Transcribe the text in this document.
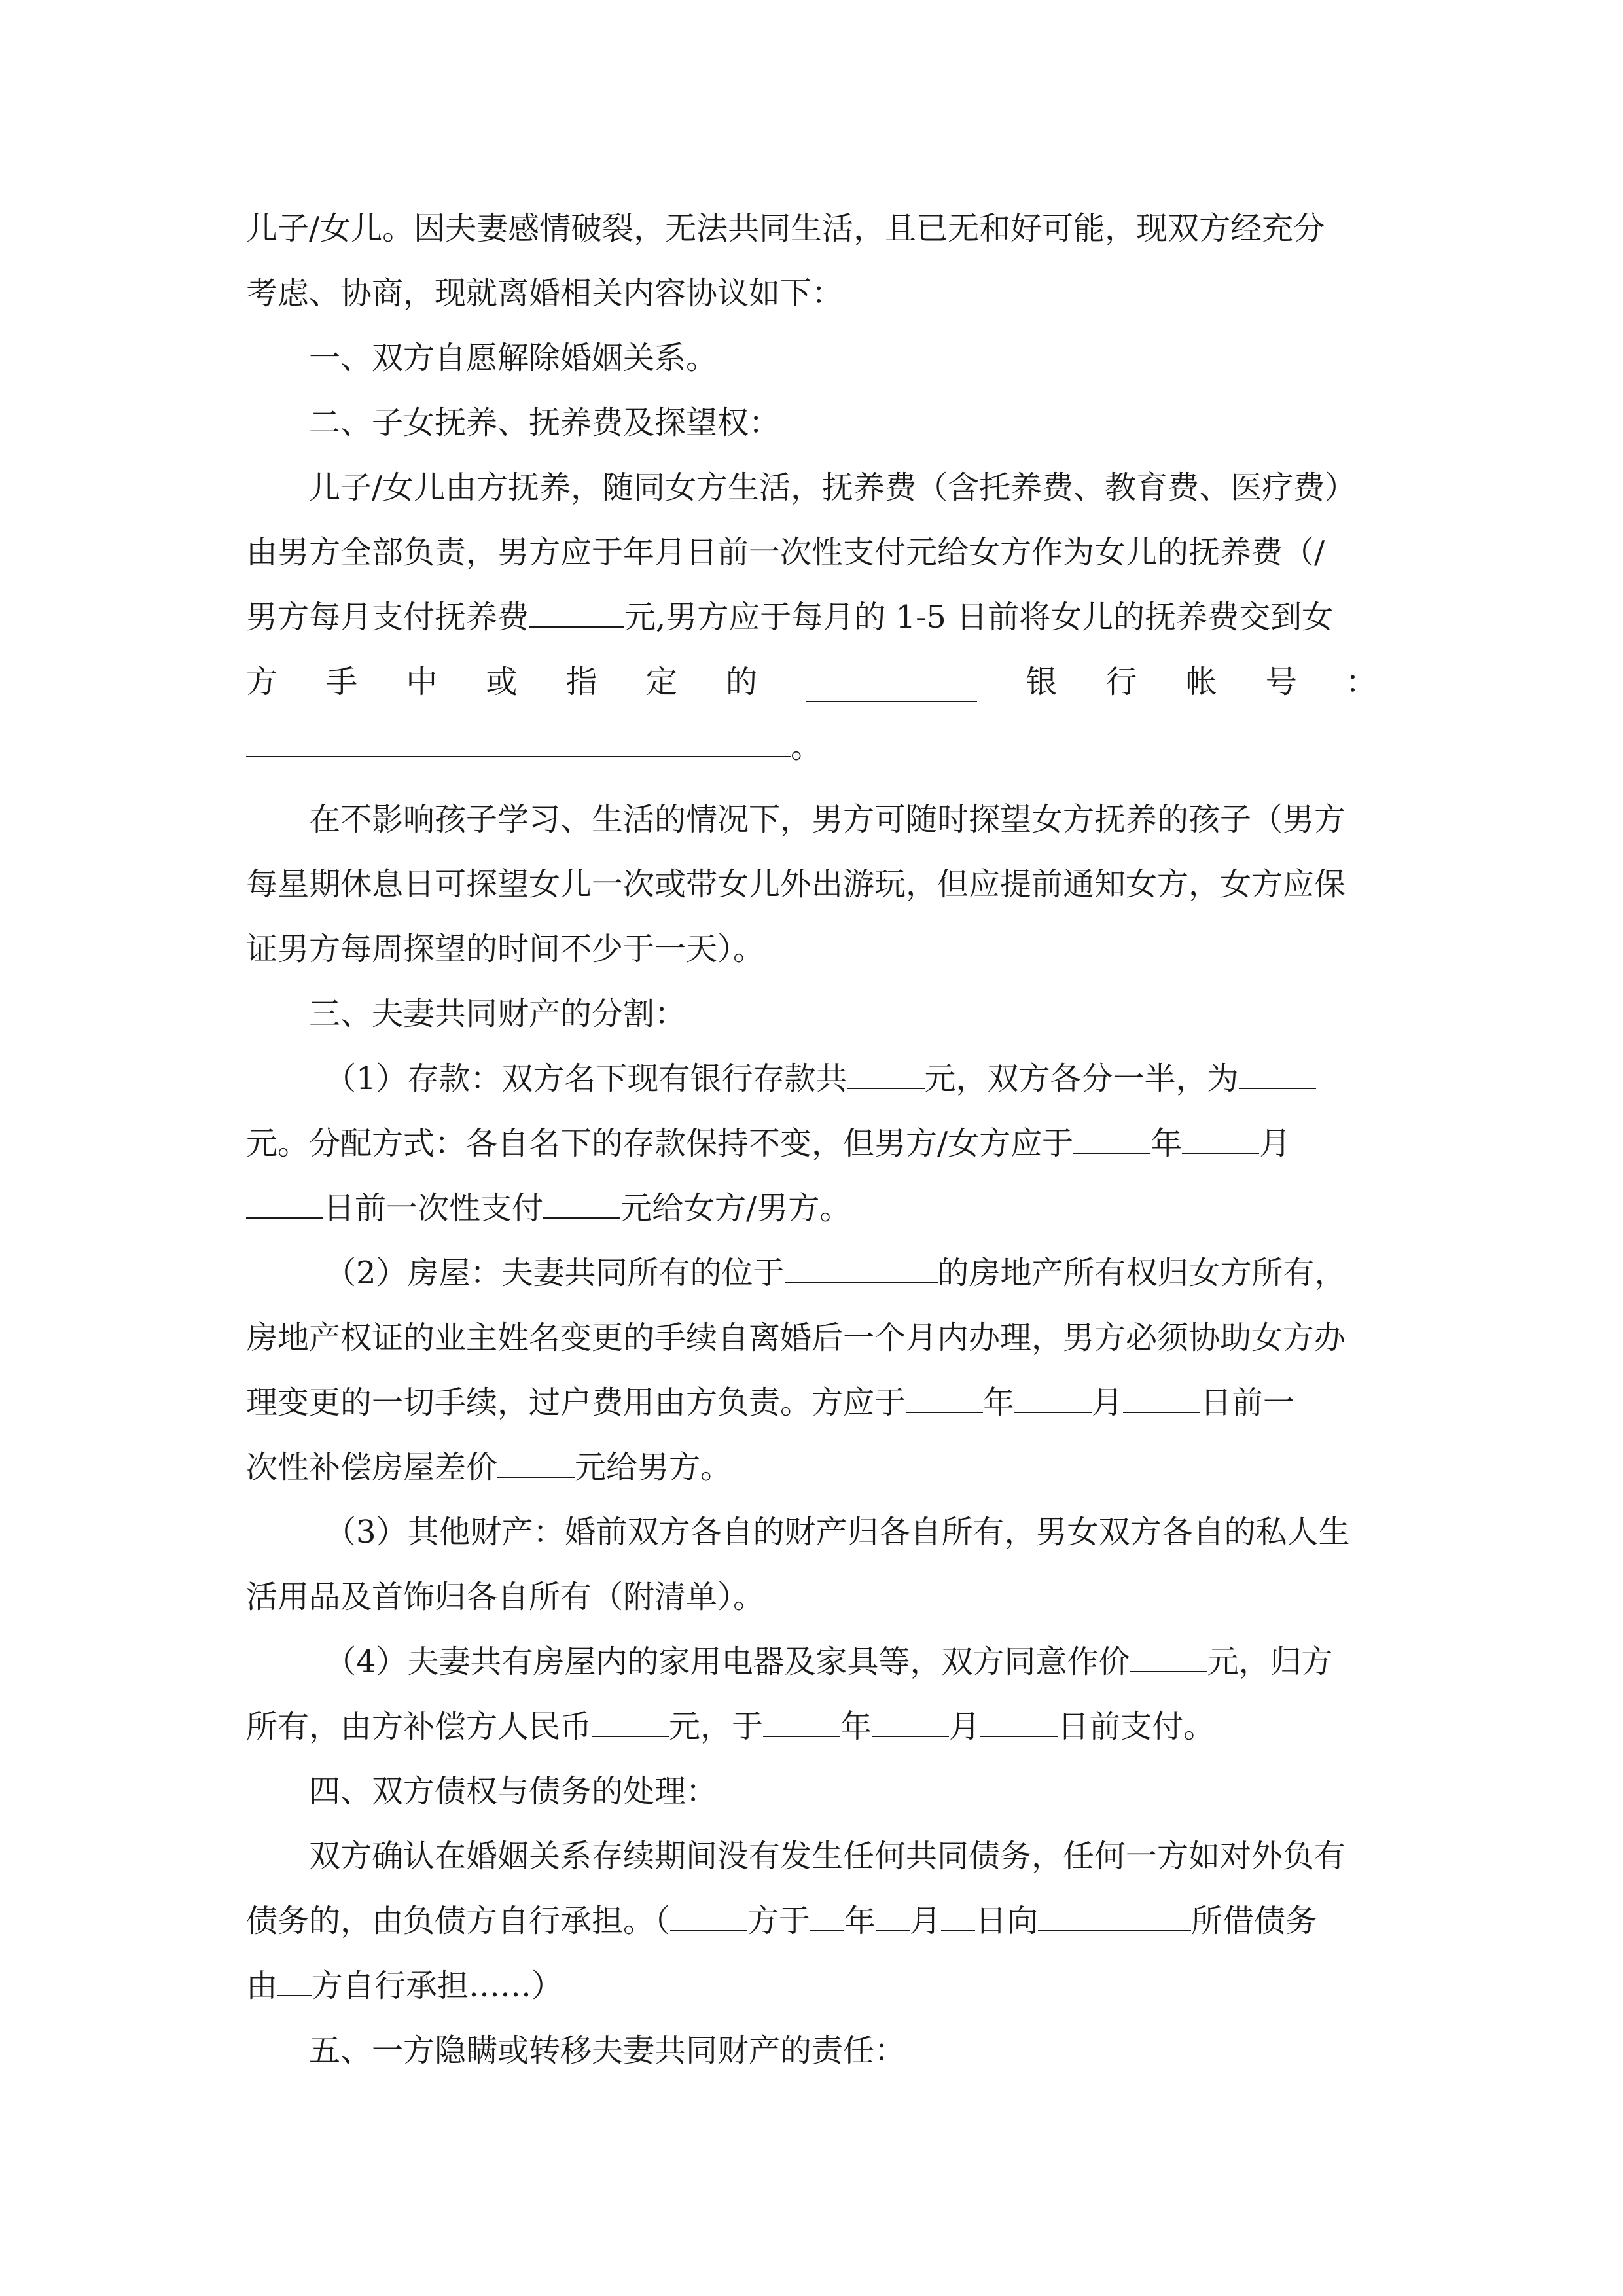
儿子/女儿。因夫妻感情破裂，无法共同生活，且已无和好可能，现双方经充分
考虑、协商，现就离婚相关内容协议如下：
一、双方自愿解除婚姻关系。
二、子女抚养、抚养费及探望权：
儿子/女儿由方抚养，随同女方生活，抚养费（含托养费、教育费、医疗费）
由男方全部负责，男方应于年月日前一次性支付元给女方作为女儿的抚养费（/
男方每月支付抚养费	元,男方应于每月的 1-5 日前将女儿的抚养费交到女
方 手 中 或 指 定 的	银 行 帐 号 ：
。
在不影响孩子学习、生活的情况下，男方可随时探望女方抚养的孩子（男方
每星期休息日可探望女儿一次或带女儿外出游玩，但应提前通知女方，女方应保
证男方每周探望的时间不少于一天）。
三、夫妻共同财产的分割：
（1）存款：双方名下现有银行存款共 元，双方各分一半，为
元。分配方式：各自名下的存款保持不变，但男方/女方应于 年 月
日前一次性支付 元给女方/男方。
（2）房屋：夫妻共同所有的位于	的房地产所有权归女方所有，
房地产权证的业主姓名变更的手续自离婚后一个月内办理，男方必须协助女方办
理变更的一切手续，过户费用由方负责。方应于 年 月 日前一
次性补偿房屋差价 元给男方。
（3）其他财产：婚前双方各自的财产归各自所有，男女双方各自的私人生
活用品及首饰归各自所有（附清单）。
（4）夫妻共有房屋内的家用电器及家具等，双方同意作价 元，归方
所有，由方补偿方人民币 元，于 年 月 日前支付。
四、双方债权与债务的处理：
双方确认在婚姻关系存续期间没有发生任何共同债务，任何一方如对外负有
债务的，由负债方自行承担。（ 方于 年 月 日向	所借债务
由 方自行承担……）
五、一方隐瞒或转移夫妻共同财产的责任：
